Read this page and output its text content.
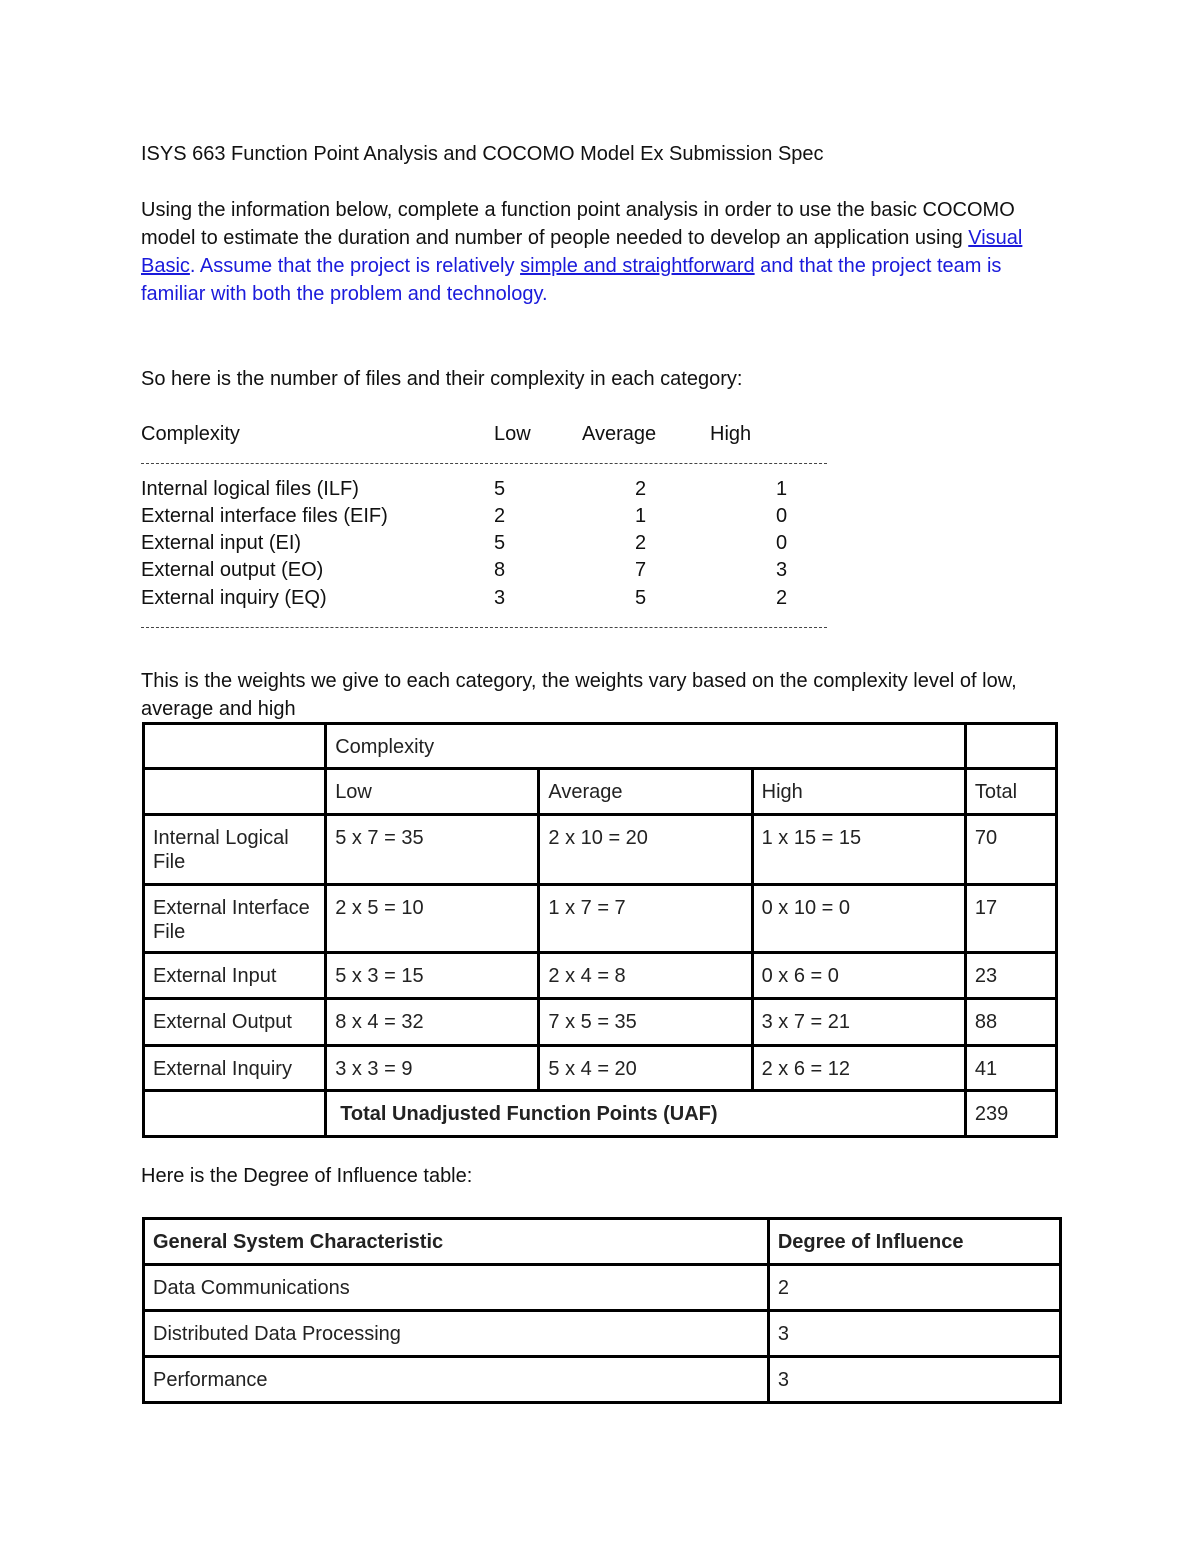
ISYS 663 Function Point Analysis and COCOMO Model Ex Submission Spec

Using the information below, complete a function point analysis in order to use the basic COCOMO model to estimate the duration and number of people needed to develop an application using Visual Basic. Assume that the project is relatively simple and straightforward and that the project team is familiar with both the problem and technology.

So here is the number of files and their complexity in each category:

Complexity	Low	Average	High
Internal logical files (ILF)	5	2	1
External interface files (EIF)	2	1	0
External input (EI)	5	2	0
External output (EO)	8	7	3
External inquiry (EQ)	3	5	2

This is the weights we give to each category, the weights vary based on the complexity level of low, average and high

	Complexity			
	Low	Average	High	Total
Internal Logical File	5 x 7 = 35	2 x 10 = 20	1 x 15 = 15	70
External Interface File	2 x 5 = 10	1 x 7 = 7	0 x 10 = 0	17
External Input	5 x 3 = 15	2 x 4 = 8	0 x 6 = 0	23
External Output	8 x 4 = 32	7 x 5 = 35	3 x 7 = 21	88
External Inquiry	3 x 3 = 9	5 x 4 = 20	2 x 6 = 12	41
	Total Unadjusted Function Points (UAF)			239

Here is the Degree of Influence table:

General System Characteristic	Degree of Influence
Data Communications	2
Distributed Data Processing	3
Performance	3
